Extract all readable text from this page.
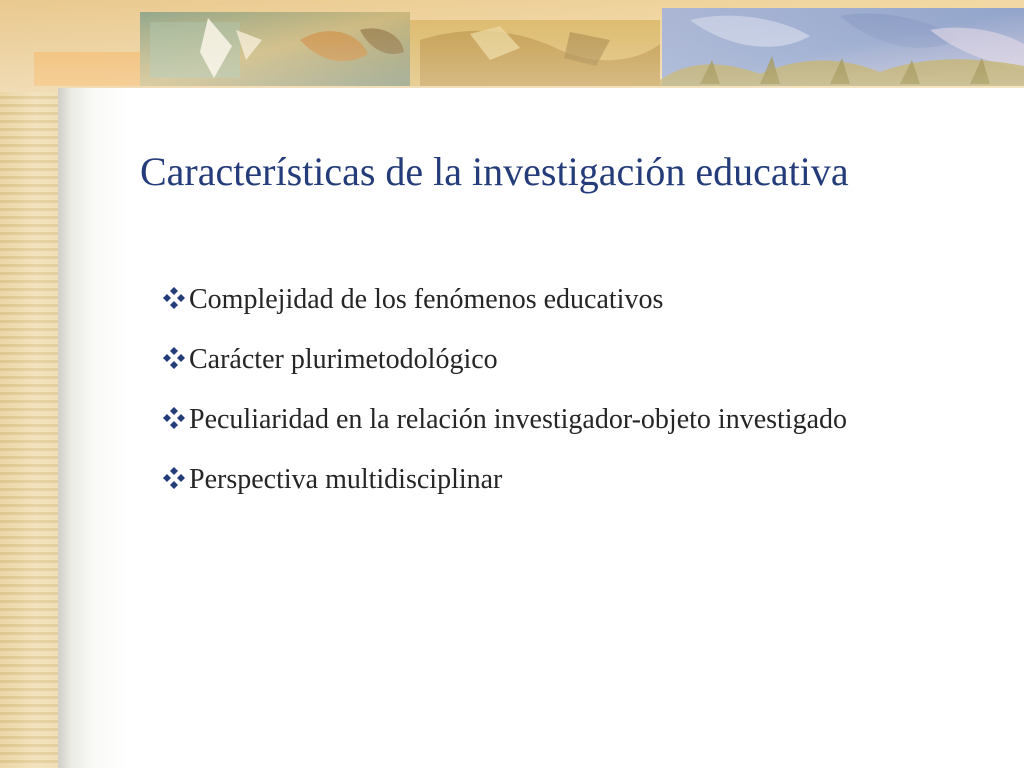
Características de la investigación educativa
Complejidad de los fenómenos educativos
Carácter plurimetodológico
Peculiaridad en la relación investigador-objeto investigado
Perspectiva multidisciplinar
